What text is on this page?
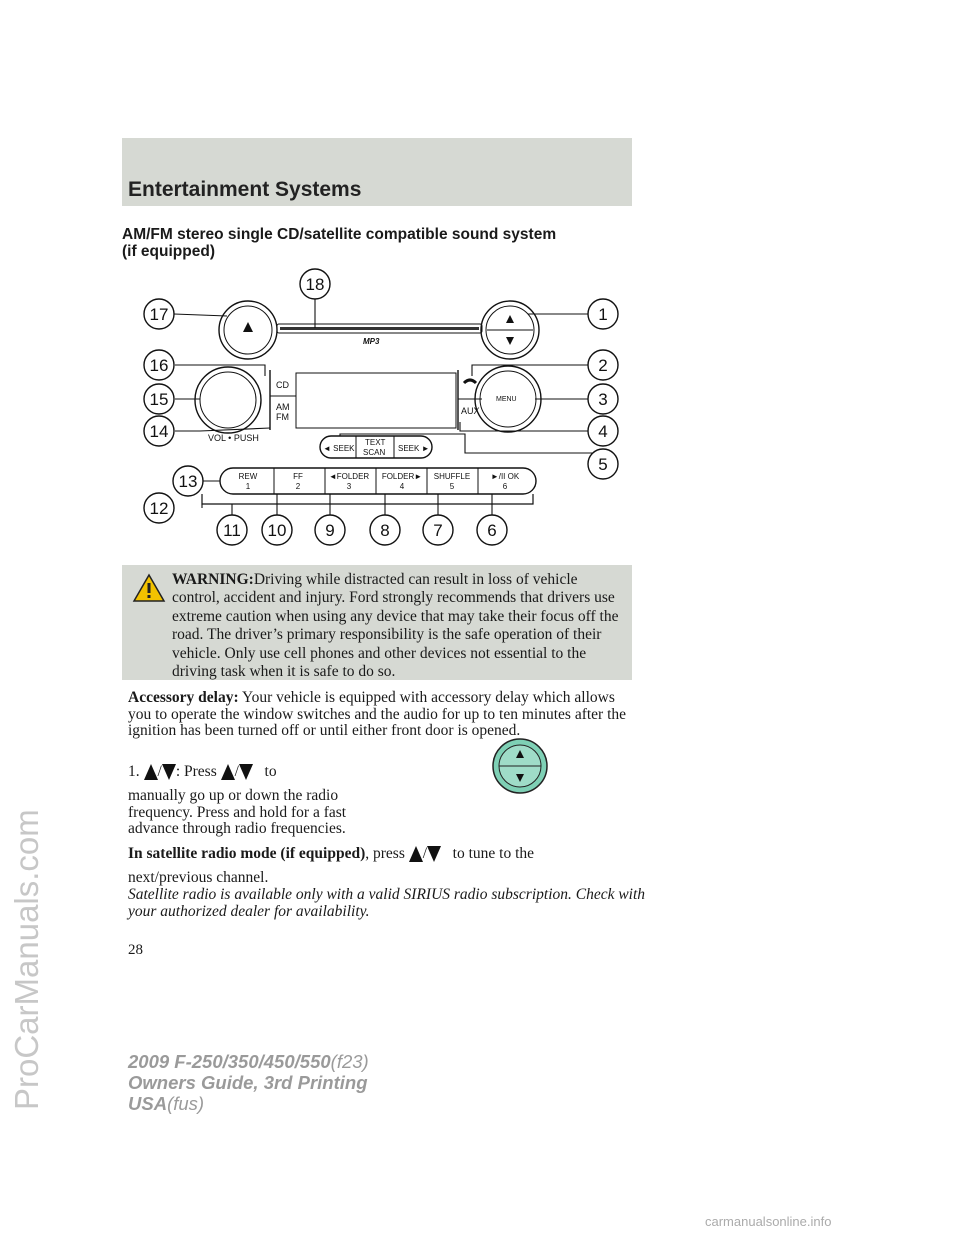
Entertainment Systems
AM/FM stereo single CD/satellite compatible sound system
(if equipped)
ProCarManuals.com
MP3
CD
AM
FM
VOL • PUSH
AUX
MENU
◄ SEEK	SEEK ►
TEXT
SCAN
REW
1
FF
2
◄FOLDER
3
FOLDER►
4
SHUFFLE
5
►/II OK
6
18
17	1
16	2
15	3
14	4
5
13
12
11 10 9	8	7	6
WARNING:Driving while distracted can result in loss of vehicle control, accident and injury. Ford strongly recommends that drivers use extreme caution when using any device that may take their focus off the road. The driver’s primary responsibility is the safe operation of their vehicle. Only use cell phones and other devices not essential to the driving task when it is safe to do so.
Accessory delay: Your vehicle is equipped with accessory delay which allows you to operate the window switches and the audio for up to ten minutes after the ignition has been turned off or until either front door is opened.
1. / : Press / to
manually go up or down the radio frequency. Press and hold for a fast advance through radio frequencies.
In satellite radio mode (if equipped), press / to tune to the
next/previous channel.
Satellite radio is available only with a valid SIRIUS radio subscription. Check with your authorized dealer for availability.
28
2009 F-250/350/450/550(f23)
Owners Guide, 3rd Printing
USA(fus)
carmanualsonline.info
